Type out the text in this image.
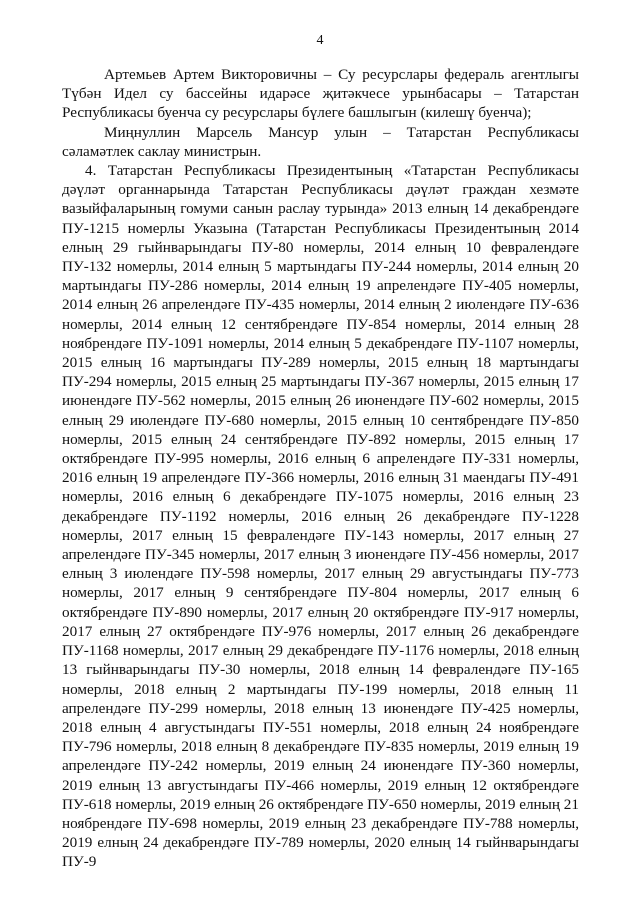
4

Артемьев Артем Викторовичны – Су ресурслары федераль агентлыгы Түбән Идел су бассейны идарәсе җитәкчесе урынбасары – Татарстан Республикасы буенча су ресурслары бүлеге башлыгын (килешү буенча);

Миңнуллин Марсель Мансур улын – Татарстан Республикасы сәламәтлек саклау министрын.

4. Татарстан Республикасы Президентының «Татарстан Республикасы дәүләт органнарында Татарстан Республикасы дәүләт граждан хезмәте вазыйфаларының гомуми санын раслау турында» 2013 елның 14 декабрендәге ПУ-1215 номерлы Указына (Татарстан Республикасы Президентының 2014 елның 29 гыйнварындагы ПУ-80 номерлы, 2014 елның 10 февралендәге ПУ-132 номерлы, 2014 елның 5 мартындагы ПУ-244 номерлы, 2014 елның 20 мартындагы ПУ-286 номерлы, 2014 елның 19 апрелендәге ПУ-405 номерлы, 2014 елның 26 апрелендәге ПУ-435 номерлы, 2014 елның 2 июлендәге ПУ-636 номерлы, 2014 елның 12 сентябрендәге ПУ-854 номерлы, 2014 елның 28 ноябрендәге ПУ-1091 номерлы, 2014 елның 5 декабрендәге ПУ-1107 номерлы, 2015 елның 16 мартындагы ПУ-289 номерлы, 2015 елның 18 мартындагы ПУ-294 номерлы, 2015 елның 25 мартындагы ПУ-367 номерлы, 2015 елның 17 июнендәге ПУ-562 номерлы, 2015 елның 26 июнендәге ПУ-602 номерлы, 2015 елның 29 июлендәге ПУ-680 номерлы, 2015 елның 10 сентябрендәге ПУ-850 номерлы, 2015 елның 24 сентябрендәге ПУ-892 номерлы, 2015 елның 17 октябрендәге ПУ-995 номерлы, 2016 елның 6 апрелендәге ПУ-331 номерлы, 2016 елның 19 апрелендәге ПУ-366 номерлы, 2016 елның 31 маендагы ПУ-491 номерлы, 2016 елның 6 декабрендәге ПУ-1075 номерлы, 2016 елның 23 декабрендәге ПУ-1192 номерлы, 2016 елның 26 декабрендәге ПУ-1228 номерлы, 2017 елның 15 февралендәге ПУ-143 номерлы, 2017 елның 27 апрелендәге ПУ-345 номерлы, 2017 елның 3 июнендәге ПУ-456 номерлы, 2017 елның 3 июлендәге ПУ-598 номерлы, 2017 елның 29 августындагы ПУ-773 номерлы, 2017 елның 9 сентябрендәге ПУ-804 номерлы, 2017 елның 6 октябрендәге ПУ-890 номерлы, 2017 елның 20 октябрендәге ПУ-917 номерлы, 2017 елның 27 октябрендәге ПУ-976 номерлы, 2017 елның 26 декабрендәге ПУ-1168 номерлы, 2017 елның 29 декабрендәге ПУ-1176 номерлы, 2018 елның 13 гыйнварындагы ПУ-30 номерлы, 2018 елның 14 февралендәге ПУ-165 номерлы, 2018 елның 2 мартындагы ПУ-199 номерлы, 2018 елның 11 апрелендәге ПУ-299 номерлы, 2018 елның 13 июнендәге ПУ-425 номерлы, 2018 елның 4 августындагы ПУ-551 номерлы, 2018 елның 24 ноябрендәге ПУ-796 номерлы, 2018 елның 8 декабрендәге ПУ-835 номерлы, 2019 елның 19 апрелендәге ПУ-242 номерлы, 2019 елның 24 июнендәге ПУ-360 номерлы, 2019 елның 13 августындагы ПУ-466 номерлы, 2019 елның 12 октябрендәге ПУ-618 номерлы, 2019 елның 26 октябрендәге ПУ-650 номерлы, 2019 елның 21 ноябрендәге ПУ-698 номерлы, 2019 елның 23 декабрендәге ПУ-788 номерлы, 2019 елның 24 декабрендәге ПУ-789 номерлы, 2020 елның 14 гыйнварындагы ПУ-9
